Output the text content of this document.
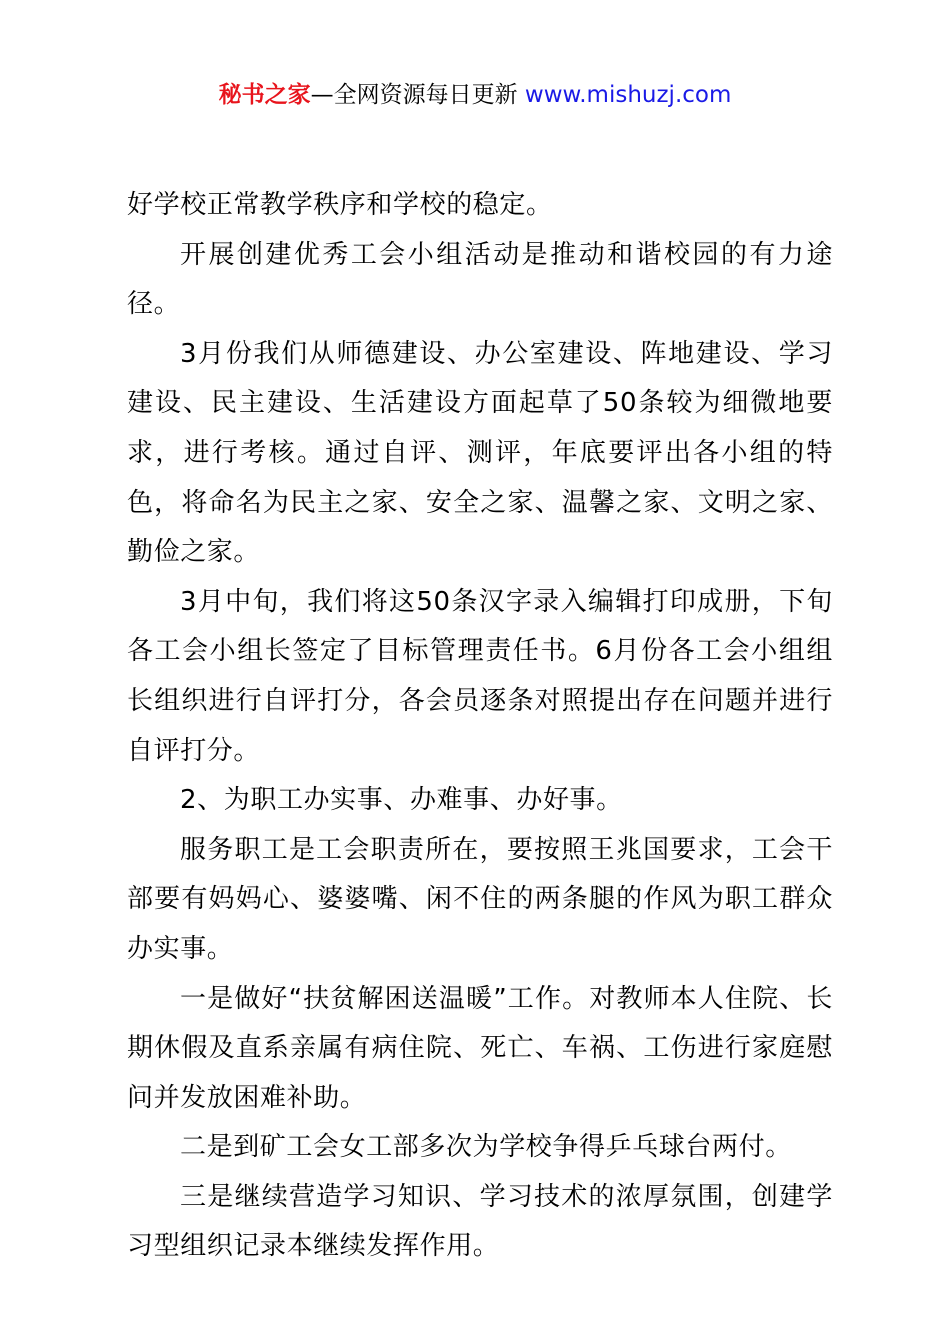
秘书之家—全网资源每日更新 www.mishuzj.com

好学校正常教学秩序和学校的稳定。

开展创建优秀工会小组活动是推动和谐校园的有力途径。

3月份我们从师德建设、办公室建设、阵地建设、学习建设、民主建设、生活建设方面起草了50条较为细微地要求，进行考核。通过自评、测评，年底要评出各小组的特色，将命名为民主之家、安全之家、温馨之家、文明之家、勤俭之家。

3月中旬，我们将这50条汉字录入编辑打印成册，下旬各工会小组长签定了目标管理责任书。6月份各工会小组组长组织进行自评打分，各会员逐条对照提出存在问题并进行自评打分。

2、为职工办实事、办难事、办好事。

服务职工是工会职责所在，要按照王兆国要求，工会干部要有妈妈心、婆婆嘴、闲不住的两条腿的作风为职工群众办实事。

一是做好“扶贫解困送温暖”工作。对教师本人住院、长期休假及直系亲属有病住院、死亡、车祸、工伤进行家庭慰问并发放困难补助。

二是到矿工会女工部多次为学校争得乒乓球台两付。

三是继续营造学习知识、学习技术的浓厚氛围，创建学习型组织记录本继续发挥作用。
